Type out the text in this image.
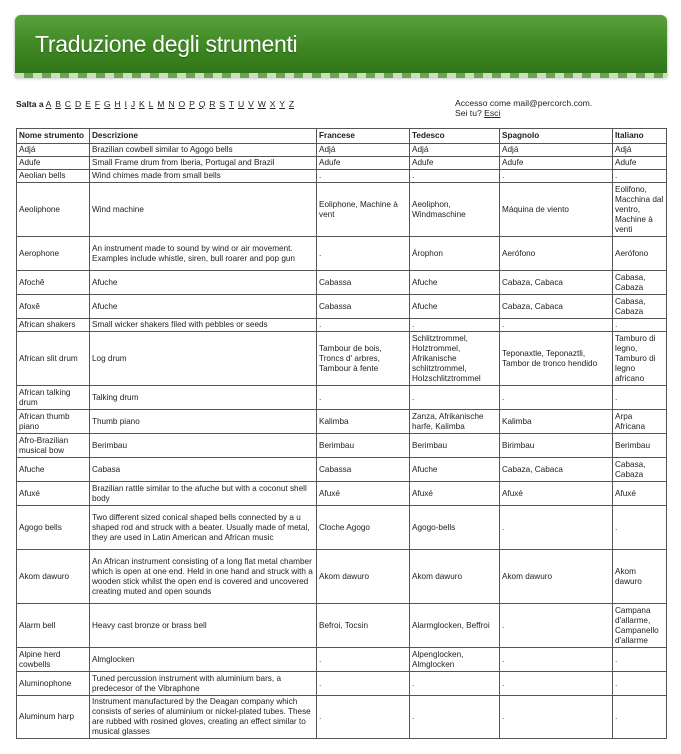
Traduzione degli strumenti
Salta a A B C D E F G H I J K L M N O P Q R S T U V W X Y Z	Accesso come mail@percorch.com.
Sei tu? Esci
Nome strumento	Descrizione	Francese	Tedesco	Spagnolo	Italiano
Adjá	Brazilian cowbell similar to Agogo bells	Adjá	Adjá	Adjá	Adjá
Adufe	Small Frame drum from Iberia, Portugal and Brazil	Adufe	Adufe	Adufe	Adufe
Aeolian bells	Wind chimes made from small bells	.	.	.	.
Aeoliphone	Wind machine	Eoliphone, Machine à vent	Aeoliphon, Windmaschine	Máquina de viento	Eolifono, Macchina dal ventro, Machine à venti
Aerophone	An instrument made to sound by wind or air movement. Examples include whistle, siren, bull roarer and pop gun	.	Árophon	Aerófono	Aerófono
Afochê	Afuche	Cabassa	Afuche	Cabaza, Cabaca	Cabasa, Cabaza
Afoxê	Afuche	Cabassa	Afuche	Cabaza, Cabaca	Cabasa, Cabaza
African shakers	Small wicker shakers filed with pebbles or seeds	.	.	.	.
African slit drum	Log drum	Tambour de bois, Troncs d' arbres, Tambour à fente	Schlitztrommel, Holztrommel, Afrikanische schlitztrommel, Holzschlitztrommel	Teponaxtle, Teponaztli, Tambor de tronco hendido	Tamburo di legno, Tamburo di legno africano
African talking drum	Talking drum	.	.	.	.
African thumb piano	Thumb piano	Kalimba	Zanza, Afrikanische harfe, Kalimba	Kalimba	Arpa Africana
Afro-Brazilian musical bow	Berimbau	Berimbau	Berimbau	Birimbau	Berimbau
Afuche	Cabasa	Cabassa	Afuche	Cabaza, Cabaca	Cabasa, Cabaza
Afuxé	Brazilian rattle similar to the afuche but with a coconut shell body	Afuxé	Afuxé	Afuxé	Afuxé
Agogo bells	Two different sized conical shaped bells connected by a u shaped rod and struck with a beater. Usually made of metal, they are used in Latin American and African music	Cloche Agogo	Agogo-bells	.	.
Akom dawuro	An African instrument consisting of a long flat metal chamber which is open at one end. Held in one hand and struck with a wooden stick whilst the open end is covered and uncovered creating muted and open sounds	Akom dawuro	Akom dawuro	Akom dawuro	Akom dawuro
Alarm bell	Heavy cast bronze or brass bell	Befroi, Tocsin	Alarmglocken, Beffroi	.	Campana d'allarme, Campanello d'allarme
Alpine herd cowbells	Almglocken	.	Alpenglocken, Almglocken	.	.
Aluminophone	Tuned percussion instrument with aluminium bars, a predecesor of the Vibraphone	.	.	.	.
Aluminum harp	Instrument manufactured by the Deagan company which consists of series of aluminium or nickel-plated tubes. These are rubbed with rosined gloves, creating an effect similar to musical glasses	.	.	.	.
